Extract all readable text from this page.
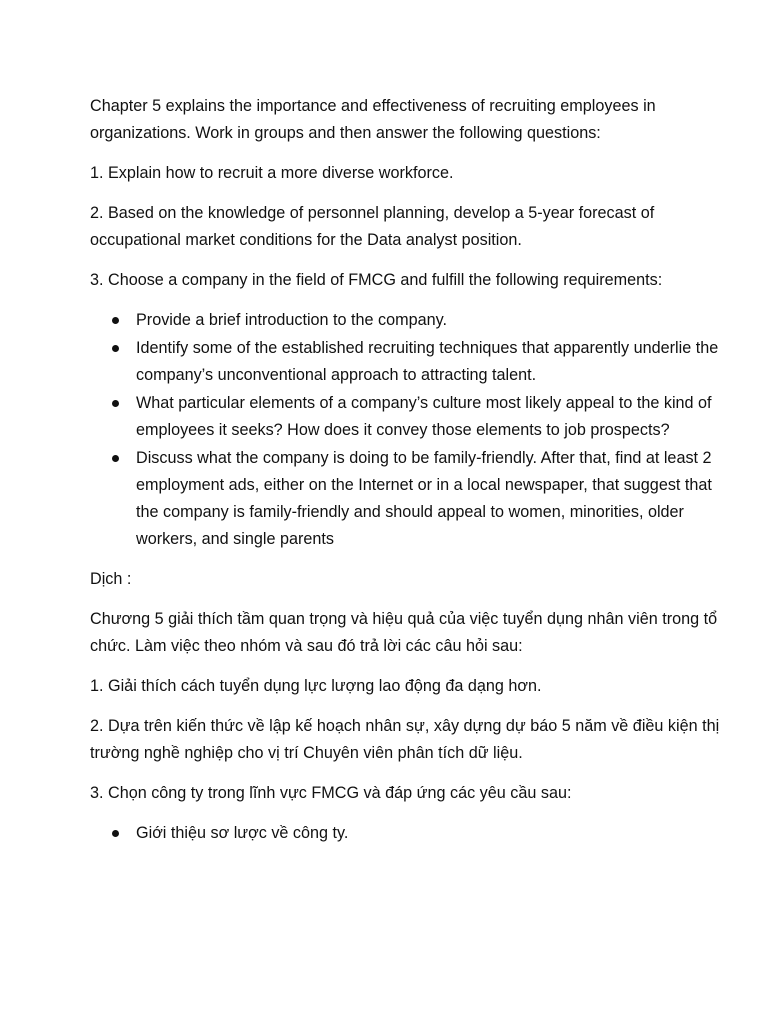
Chapter 5 explains the importance and effectiveness of recruiting employees in organizations. Work in groups and then answer the following questions:

1. Explain how to recruit a more diverse workforce.

2. Based on the knowledge of personnel planning, develop a 5-year forecast of occupational market conditions for the Data analyst position.

3. Choose a company in the field of FMCG and fulfill the following requirements:

Provide a brief introduction to the company.
Identify some of the established recruiting techniques that apparently underlie the company’s unconventional approach to attracting talent.
What particular elements of a company’s culture most likely appeal to the kind of employees it seeks? How does it convey those elements to job prospects?
Discuss what the company is doing to be family-friendly. After that, find at least 2 employment ads, either on the Internet or in a local newspaper, that suggest that the company is family-friendly and should appeal to women, minorities, older workers, and single parents

Dịch :

Chương 5 giải thích tầm quan trọng và hiệu quả của việc tuyển dụng nhân viên trong tổ chức. Làm việc theo nhóm và sau đó trả lời các câu hỏi sau:

1. Giải thích cách tuyển dụng lực lượng lao động đa dạng hơn.

2. Dựa trên kiến thức về lập kế hoạch nhân sự, xây dựng dự báo 5 năm về điều kiện thị trường nghề nghiệp cho vị trí Chuyên viên phân tích dữ liệu.

3. Chọn công ty trong lĩnh vực FMCG và đáp ứng các yêu cầu sau:

Giới thiệu sơ lược về công ty.
